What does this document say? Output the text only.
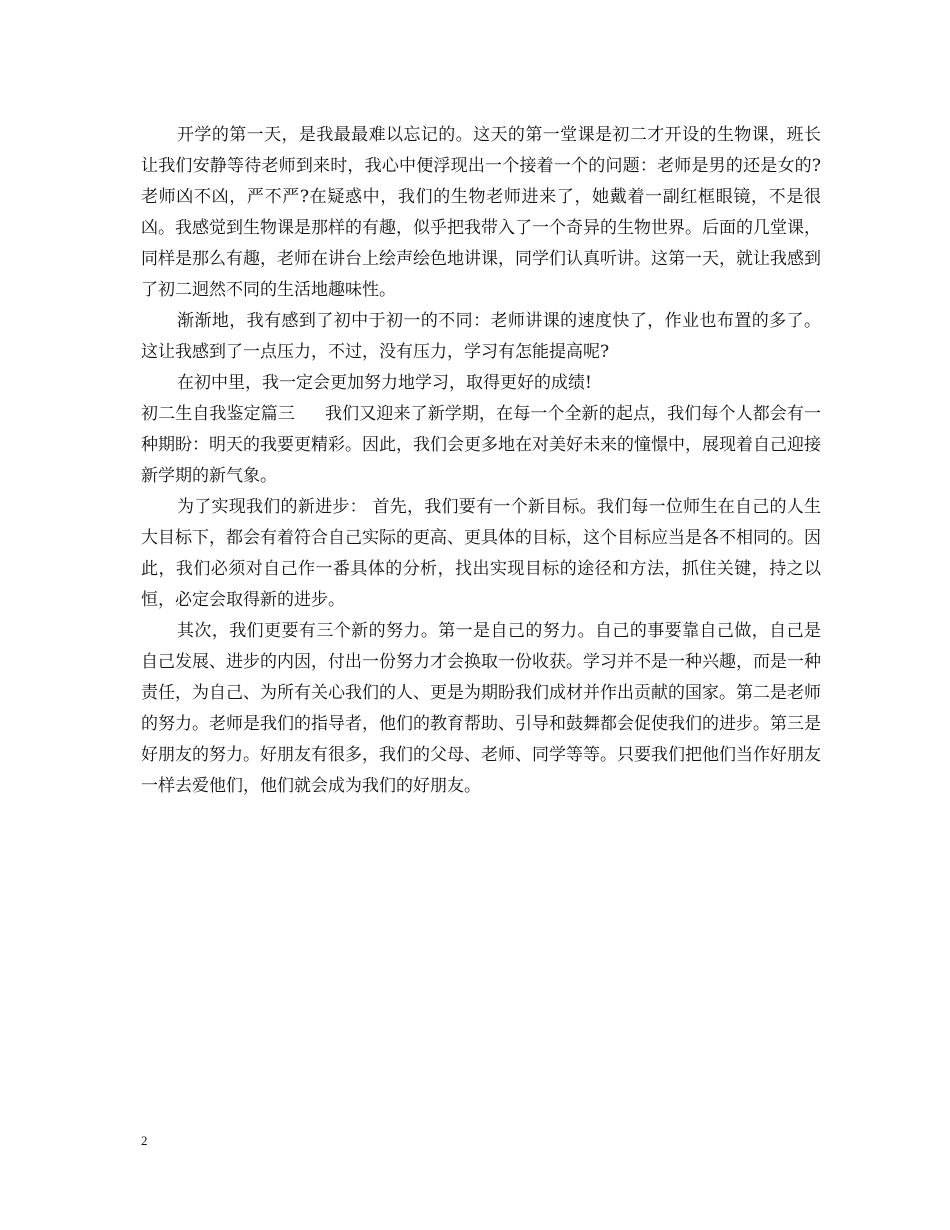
开学的第一天，是我最最难以忘记的。这天的第一堂课是初二才开设的生物课，班长让我们安静等待老师到来时，我心中便浮现出一个接着一个的问题：老师是男的还是女的?老师凶不凶，严不严?在疑惑中，我们的生物老师进来了，她戴着一副红框眼镜，不是很凶。我感觉到生物课是那样的有趣，似乎把我带入了一个奇异的生物世界。后面的几堂课，同样是那么有趣，老师在讲台上绘声绘色地讲课，同学们认真听讲。这第一天，就让我感到了初二迥然不同的生活地趣味性。

渐渐地，我有感到了初中于初一的不同：老师讲课的速度快了，作业也布置的多了。这让我感到了一点压力，不过，没有压力，学习有怎能提高呢?

在初中里，我一定会更加努力地学习，取得更好的成绩!

初二生自我鉴定篇三 我们又迎来了新学期，在每一个全新的起点，我们每个人都会有一种期盼：明天的我要更精彩。因此，我们会更多地在对美好未来的憧憬中，展现着自己迎接新学期的新气象。

为了实现我们的新进步： 首先，我们要有一个新目标。我们每一位师生在自己的人生大目标下，都会有着符合自己实际的更高、更具体的目标，这个目标应当是各不相同的。因此，我们必须对自己作一番具体的分析，找出实现目标的途径和方法，抓住关键，持之以恒，必定会取得新的进步。

其次，我们更要有三个新的努力。第一是自己的努力。自己的事要靠自己做，自己是自己发展、进步的内因，付出一份努力才会换取一份收获。学习并不是一种兴趣，而是一种责任，为自己、为所有关心我们的人、更是为期盼我们成材并作出贡献的国家。第二是老师的努力。老师是我们的指导者，他们的教育帮助、引导和鼓舞都会促使我们的进步。第三是好朋友的努力。好朋友有很多，我们的父母、老师、同学等等。只要我们把他们当作好朋友一样去爱他们，他们就会成为我们的好朋友。

2
